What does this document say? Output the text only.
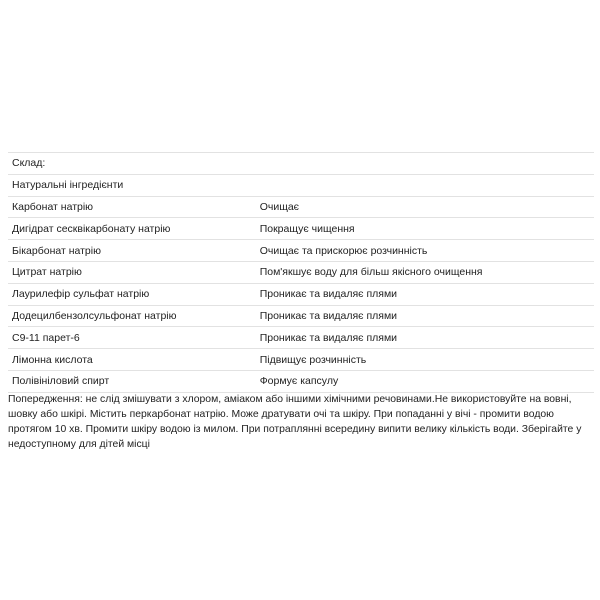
Склад:	
Натуральні інгредієнти	
Карбонат натрію	Очищає
Дигідрат сесквікарбонату натрію	Покращує чищення
Бікарбонат натрію	Очищає та прискорює розчинність
Цитрат натрію	Пом'якшує воду для більш якісного очищення
Лаурилефір сульфат натрію	Проникає та видаляє плями
Додецилбензолсульфонат натрію	Проникає та видаляє плями
С9-11 парет-6	Проникає та видаляє плями
Лімонна кислота	Підвищує розчинність
Полівініловий спирт	Формує капсулу

Попередження: не слід змішувати з хлором, аміаком або іншими хімічними речовинами.Не використовуйте на вовні, шовку або шкірі. Містить перкарбонат натрію. Може дратувати очі та шкіру. При попаданні у вічі - промити водою протягом 10 хв. Промити шкіру водою із милом. При потраплянні всередину випити велику кількість води. Зберігайте у недоступному для дітей місці
